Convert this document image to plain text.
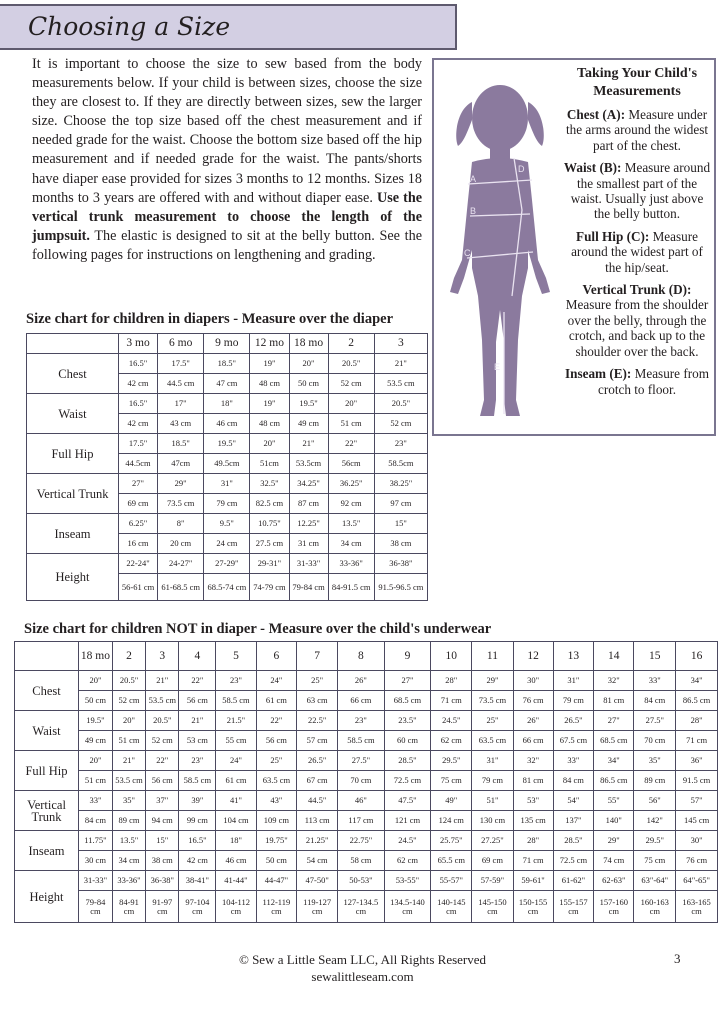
Choosing a Size
It is important to choose the size to sew based from the body measurements below. If your child is between sizes, choose the size they are closest to. If they are directly between sizes, sew the larger size. Choose the top size based off the chest measurement and if needed grade for the waist. Choose the bottom size based off the hip measurement and if needed grade for the waist. The pants/shorts have diaper ease provided for sizes 3 months to 12 months. Sizes 18 months to 3 years are offered with and without diaper ease. Use the vertical trunk measurement to choose the length of the jumpsuit. The elastic is designed to sit at the belly button. See the following pages for instructions on lengthening and grading.
A
B
C
D
E
Taking Your Child's Measurements

Chest (A): Measure under the arms around the widest part of the chest.

Waist (B): Measure around the smallest part of the waist. Usually just above the belly button.

Full Hip (C): Measure around the widest part of the hip/seat.

Vertical Trunk (D):
Measure from the shoulder over the belly, through the crotch, and back up to the shoulder over the back.

Inseam (E): Measure from crotch to floor.

Size chart for children in diapers - Measure over the diaper
	3 mo	6 mo	9 mo	12 mo	18 mo	2	3
Chest	16.5"	17.5"	18.5"	19"	20"	20.5"	21"
	42 cm	44.5 cm	47 cm	48 cm	50 cm	52 cm	53.5 cm
Waist	16.5"	17"	18"	19"	19.5"	20"	20.5"
	42 cm	43 cm	46 cm	48 cm	49 cm	51 cm	52 cm
Full Hip	17.5"	18.5"	19.5"	20"	21"	22"	23"
	44.5cm	47cm	49.5cm	51cm	53.5cm	56cm	58.5cm
Vertical Trunk	27"	29"	31"	32.5"	34.25"	36.25"	38.25"
	69 cm	73.5 cm	79 cm	82.5 cm	87 cm	92 cm	97 cm
Inseam	6.25"	8"	9.5"	10.75"	12.25"	13.5"	15"
	16 cm	20 cm	24 cm	27.5 cm	31 cm	34 cm	38 cm
Height	22-24"	24-27"	27-29"	29-31"	31-33"	33-36"	36-38"
	56-61 cm	61-68.5 cm	68.5-74 cm	74-79 cm	79-84 cm	84-91.5 cm	91.5-96.5 cm
Size chart for children NOT in diaper - Measure over the child's underwear
	18 mo	2	3	4	5	6	7	8	9	10	11	12	13	14	15	16
Chest	20"	20.5"	21"	22"	23"	24"	25"	26"	27"	28"	29"	30"	31"	32"	33"	34"
	50 cm	52 cm	53.5 cm	56 cm	58.5 cm	61 cm	63 cm	66 cm	68.5 cm	71 cm	73.5 cm	76 cm	79 cm	81 cm	84 cm	86.5 cm
Waist	19.5"	20"	20.5"	21"	21.5"	22"	22.5"	23"	23.5"	24.5"	25"	26"	26.5"	27"	27.5"	28"
	49 cm	51 cm	52 cm	53 cm	55 cm	56 cm	57 cm	58.5 cm	60 cm	62 cm	63.5 cm	66 cm	67.5 cm	68.5 cm	70 cm	71 cm
Full Hip	20"	21"	22"	23"	24"	25"	26.5"	27.5"	28.5"	29.5"	31"	32"	33"	34"	35"	36"
	51 cm	53.5 cm	56 cm	58.5 cm	61 cm	63.5 cm	67 cm	70 cm	72.5 cm	75 cm	79 cm	81 cm	84 cm	86.5 cm	89 cm	91.5 cm
Vertical Trunk	33"	35"	37"	39"	41"	43"	44.5"	46"	47.5"	49"	51"	53"	54"	55"	56"	57"
	84 cm	89 cm	94 cm	99 cm	104 cm	109 cm	113 cm	117 cm	121 cm	124 cm	130 cm	135 cm	137"	140"	142"	145 cm
Inseam	11.75"	13.5"	15"	16.5"	18"	19.75"	21.25"	22.75"	24.5"	25.75"	27.25"	28"	28.5"	29"	29.5"	30"
	30 cm	34 cm	38 cm	42 cm	46 cm	50 cm	54 cm	58 cm	62 cm	65.5 cm	69 cm	71 cm	72.5 cm	74 cm	75 cm	76 cm
Height	31-33"	33-36"	36-38"	38-41"	41-44"	44-47"	47-50"	50-53"	53-55"	55-57"	57-59"	59-61"	61-62"	62-63"	63"-64"	64"-65"
	79-84 cm	84-91 cm	91-97 cm	97-104 cm	104-112 cm	112-119 cm	119-127 cm	127-134.5 cm	134.5-140 cm	140-145 cm	145-150 cm	150-155 cm	155-157 cm	157-160 cm	160-163 cm	163-165 cm
© Sew a Little Seam LLC, All Rights Reserved
sewalittleseam.com
3
